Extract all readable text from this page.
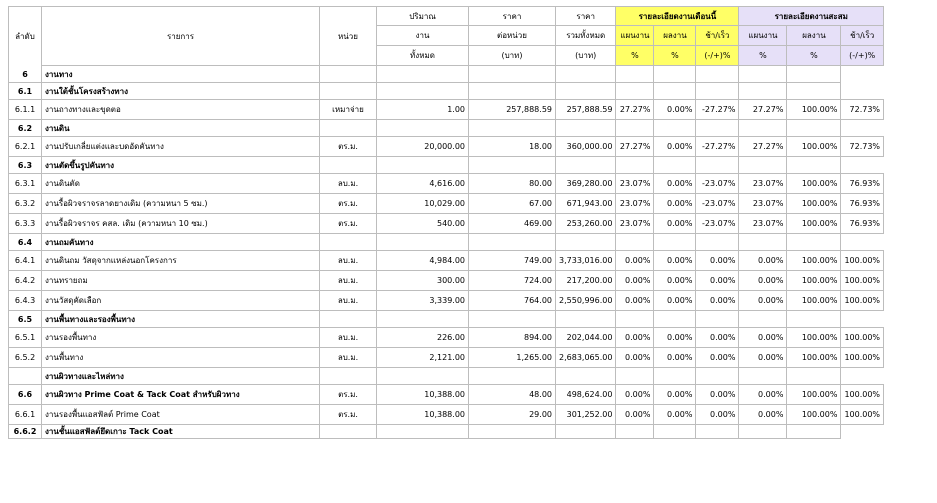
ลำดับ	รายการ	หน่วย	ปริมาณ	ราคา	ราคา	รายละเอียดงานเดือนนี้			รายละเอียดงานสะสม		
			งาน	ต่อหน่วย	รวมทั้งหมด	แผนงาน	ผลงาน	ช้า/เร็ว	แผนงาน	ผลงาน	ช้า/เร็ว
			ทั้งหมด	(บาท)	(บาท)	%	%	(-/+)%	%	%	(-/+)%
6	งานทาง										
6.1	งานใต้ชั้นโครงสร้างทาง										
6.1.1	งานถางทางและขุดตอ	เหมาจ่าย	1.00	257,888.59	257,888.59	27.27%	0.00%	-27.27%	27.27%	100.00%	72.73%
6.2	งานดิน										
6.2.1	งานปรับเกลี่ยแต่งและบดอัดคันทาง	ตร.ม.	20,000.00	18.00	360,000.00	27.27%	0.00%	-27.27%	27.27%	100.00%	72.73%
6.3	งานตัดขึ้นรูปคันทาง										
6.3.1	งานดินตัด	ลบ.ม.	4,616.00	80.00	369,280.00	23.07%	0.00%	-23.07%	23.07%	100.00%	76.93%
6.3.2	งานรื้อผิวจราจรลาดยางเดิม (ความหนา 5 ซม.)	ตร.ม.	10,029.00	67.00	671,943.00	23.07%	0.00%	-23.07%	23.07%	100.00%	76.93%
6.3.3	งานรื้อผิวจราจร คสล. เดิม (ความหนา 10 ซม.)	ตร.ม.	540.00	469.00	253,260.00	23.07%	0.00%	-23.07%	23.07%	100.00%	76.93%
6.4	งานถมคันทาง										
6.4.1	งานดินถม วัสดุจากแหล่งนอกโครงการ	ลบ.ม.	4,984.00	749.00	3,733,016.00	0.00%	0.00%	0.00%	0.00%	100.00%	100.00%
6.4.2	งานทรายถม	ลบ.ม.	300.00	724.00	217,200.00	0.00%	0.00%	0.00%	0.00%	100.00%	100.00%
6.4.3	งานวัสดุคัดเลือก	ลบ.ม.	3,339.00	764.00	2,550,996.00	0.00%	0.00%	0.00%	0.00%	100.00%	100.00%
6.5	งานพื้นทางและรองพื้นทาง										
6.5.1	งานรองพื้นทาง	ลบ.ม.	226.00	894.00	202,044.00	0.00%	0.00%	0.00%	0.00%	100.00%	100.00%
6.5.2	งานพื้นทาง	ลบ.ม.	2,121.00	1,265.00	2,683,065.00	0.00%	0.00%	0.00%	0.00%	100.00%	100.00%
	งานผิวทางและไหล่ทาง										
6.6	งานผิวทาง Prime Coat & Tack Coat สำหรับผิวทาง	ตร.ม.	10,388.00	48.00	498,624.00	0.00%	0.00%	0.00%	0.00%	100.00%	100.00%
6.6.1	งานรองพื้นแอสฟัลต์ Prime Coat	ตร.ม.	10,388.00	29.00	301,252.00	0.00%	0.00%	0.00%	0.00%	100.00%	100.00%
6.6.2	งานชั้นแอสฟัลต์ยึดเกาะ Tack Coat										
